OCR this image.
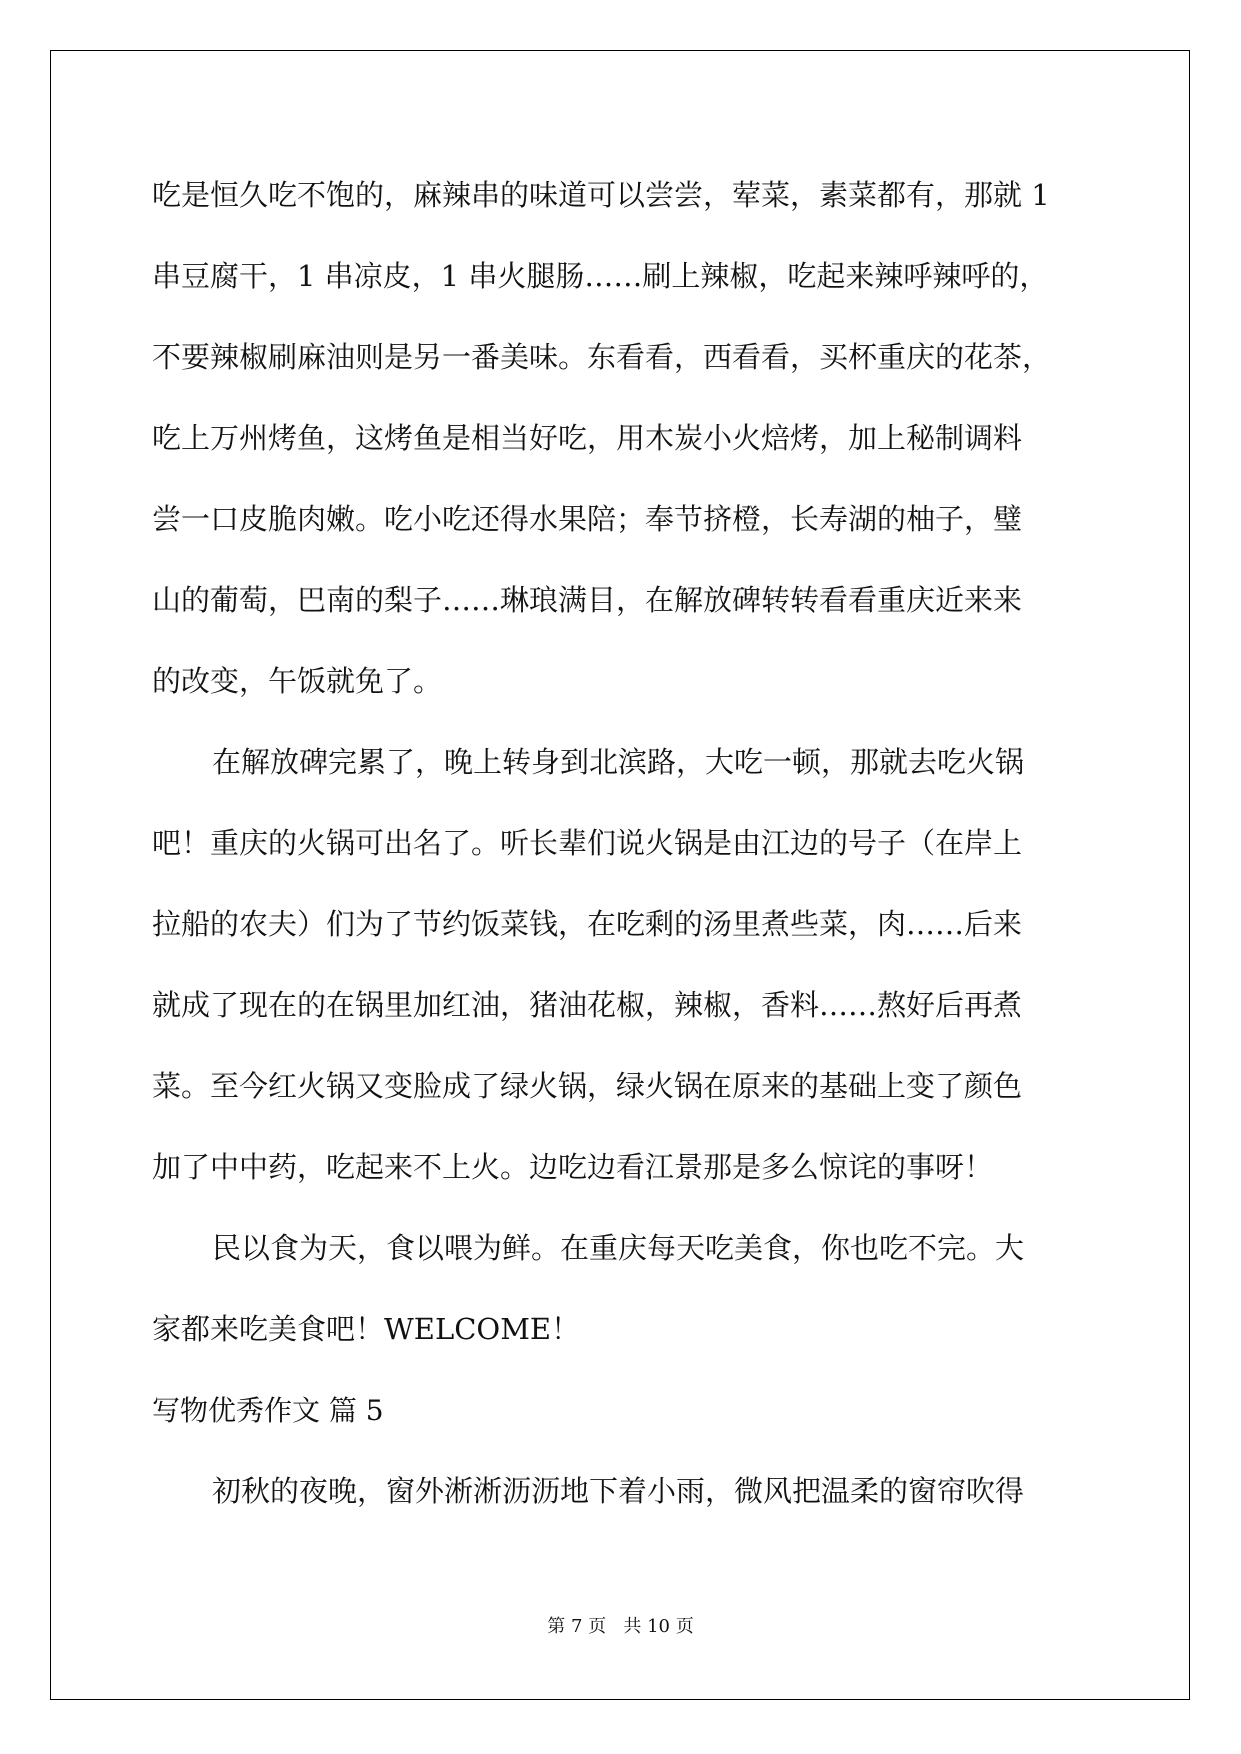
吃是恒久吃不饱的，麻辣串的味道可以尝尝，荤菜，素菜都有，那就 1
串豆腐干，1 串凉皮，1 串火腿肠……刷上辣椒，吃起来辣呼辣呼的，
不要辣椒刷麻油则是另一番美味。东看看，西看看，买杯重庆的花茶，
吃上万州烤鱼，这烤鱼是相当好吃，用木炭小火焙烤，加上秘制调料
尝一口皮脆肉嫩。吃小吃还得水果陪；奉节挤橙，长寿湖的柚子，璧
山的葡萄，巴南的梨子……琳琅满目，在解放碑转转看看重庆近来来
的改变，午饭就免了。
在解放碑完累了，晚上转身到北滨路，大吃一顿，那就去吃火锅
吧！重庆的火锅可出名了。听长辈们说火锅是由江边的号子（在岸上
拉船的农夫）们为了节约饭菜钱，在吃剩的汤里煮些菜，肉……后来
就成了现在的在锅里加红油，猪油花椒，辣椒，香料……熬好后再煮
菜。至今红火锅又变脸成了绿火锅，绿火锅在原来的基础上变了颜色
加了中中药，吃起来不上火。边吃边看江景那是多么惊诧的事呀！
民以食为天，食以喂为鲜。在重庆每天吃美食，你也吃不完。大
家都来吃美食吧！WELCOME！
写物优秀作文 篇 5
初秋的夜晚，窗外淅淅沥沥地下着小雨，微风把温柔的窗帘吹得
第 7 页   共 10 页
